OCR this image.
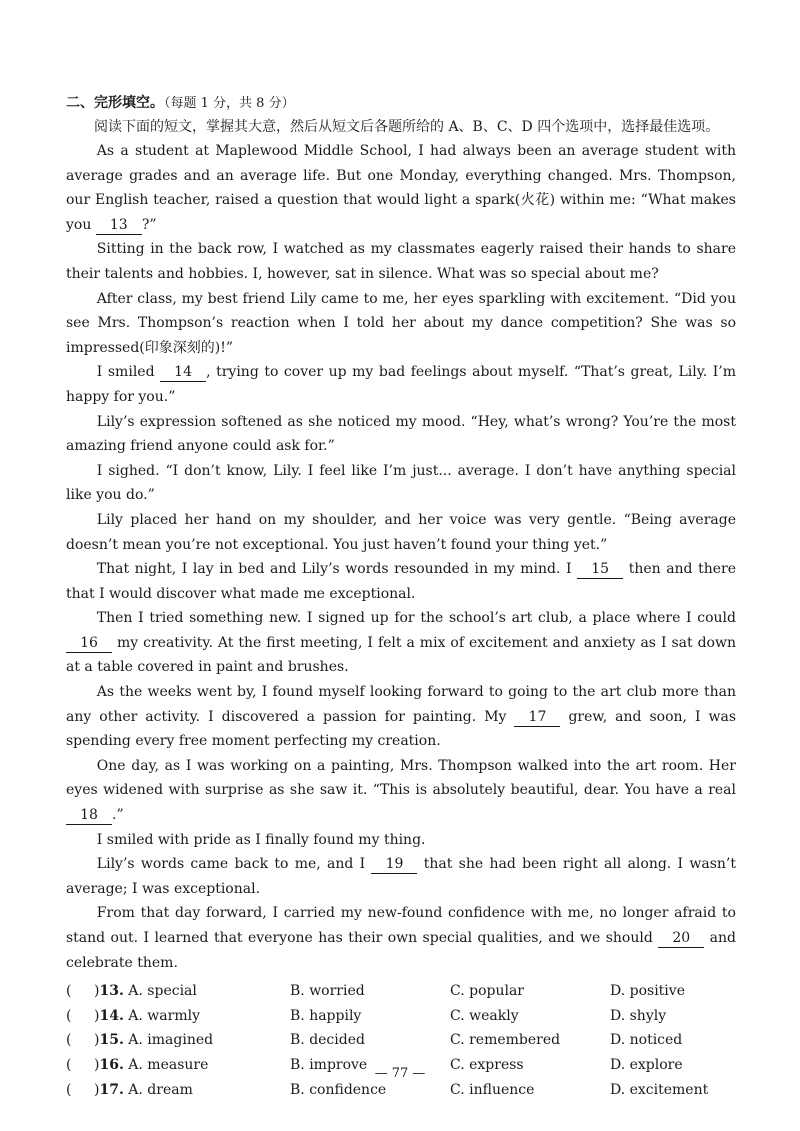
二、完形填空。（每题 1 分，共 8 分）

阅读下面的短文，掌握其大意，然后从短文后各题所给的 A、B、C、D 四个选项中，选择最佳选项。

As a student at Maplewood Middle School, I had always been an average student with average grades and an average life. But one Monday, everything changed. Mrs. Thompson, our English teacher, raised a question that would light a spark(火花) within me: “What makes you 13 ?”

Sitting in the back row, I watched as my classmates eagerly raised their hands to share their talents and hobbies. I, however, sat in silence. What was so special about me?

After class, my best friend Lily came to me, her eyes sparkling with excitement. “Did you see Mrs. Thompson’s reaction when I told her about my dance competition? She was so impressed(印象深刻的)!”

I smiled 14 , trying to cover up my bad feelings about myself. “That’s great, Lily. I’m happy for you.”

Lily’s expression softened as she noticed my mood. “Hey, what’s wrong? You’re the most amazing friend anyone could ask for.”

I sighed. “I don’t know, Lily. I feel like I’m just... average. I don’t have anything special like you do.”

Lily placed her hand on my shoulder, and her voice was very gentle. “Being average doesn’t mean you’re not exceptional. You just haven’t found your thing yet.”

That night, I lay in bed and Lily’s words resounded in my mind. I 15 then and there that I would discover what made me exceptional.

Then I tried something new. I signed up for the school’s art club, a place where I could 16 my creativity. At the first meeting, I felt a mix of excitement and anxiety as I sat down at a table covered in paint and brushes.

As the weeks went by, I found myself looking forward to going to the art club more than any other activity. I discovered a passion for painting. My 17 grew, and soon, I was spending every free moment perfecting my creation.

One day, as I was working on a painting, Mrs. Thompson walked into the art room. Her eyes widened with surprise as she saw it. “This is absolutely beautiful, dear. You have a real 18 .”

I smiled with pride as I finally found my thing.

Lily’s words came back to me, and I 19 that she had been right all along. I wasn’t average; I was exceptional.

From that day forward, I carried my new-found confidence with me, no longer afraid to stand out. I learned that everyone has their own special qualities, and we should 20 and celebrate them.

(	)13. A. special	B. worried	C. popular	D. positive
(	)14. A. warmly	B. happily	C. weakly	D. shyly
(	)15. A. imagined	B. decided	C. remembered	D. noticed
(	)16. A. measure	B. improve	C. express	D. explore
(	)17. A. dream	B. confidence	C. influence	D. excitement
— 77 —
